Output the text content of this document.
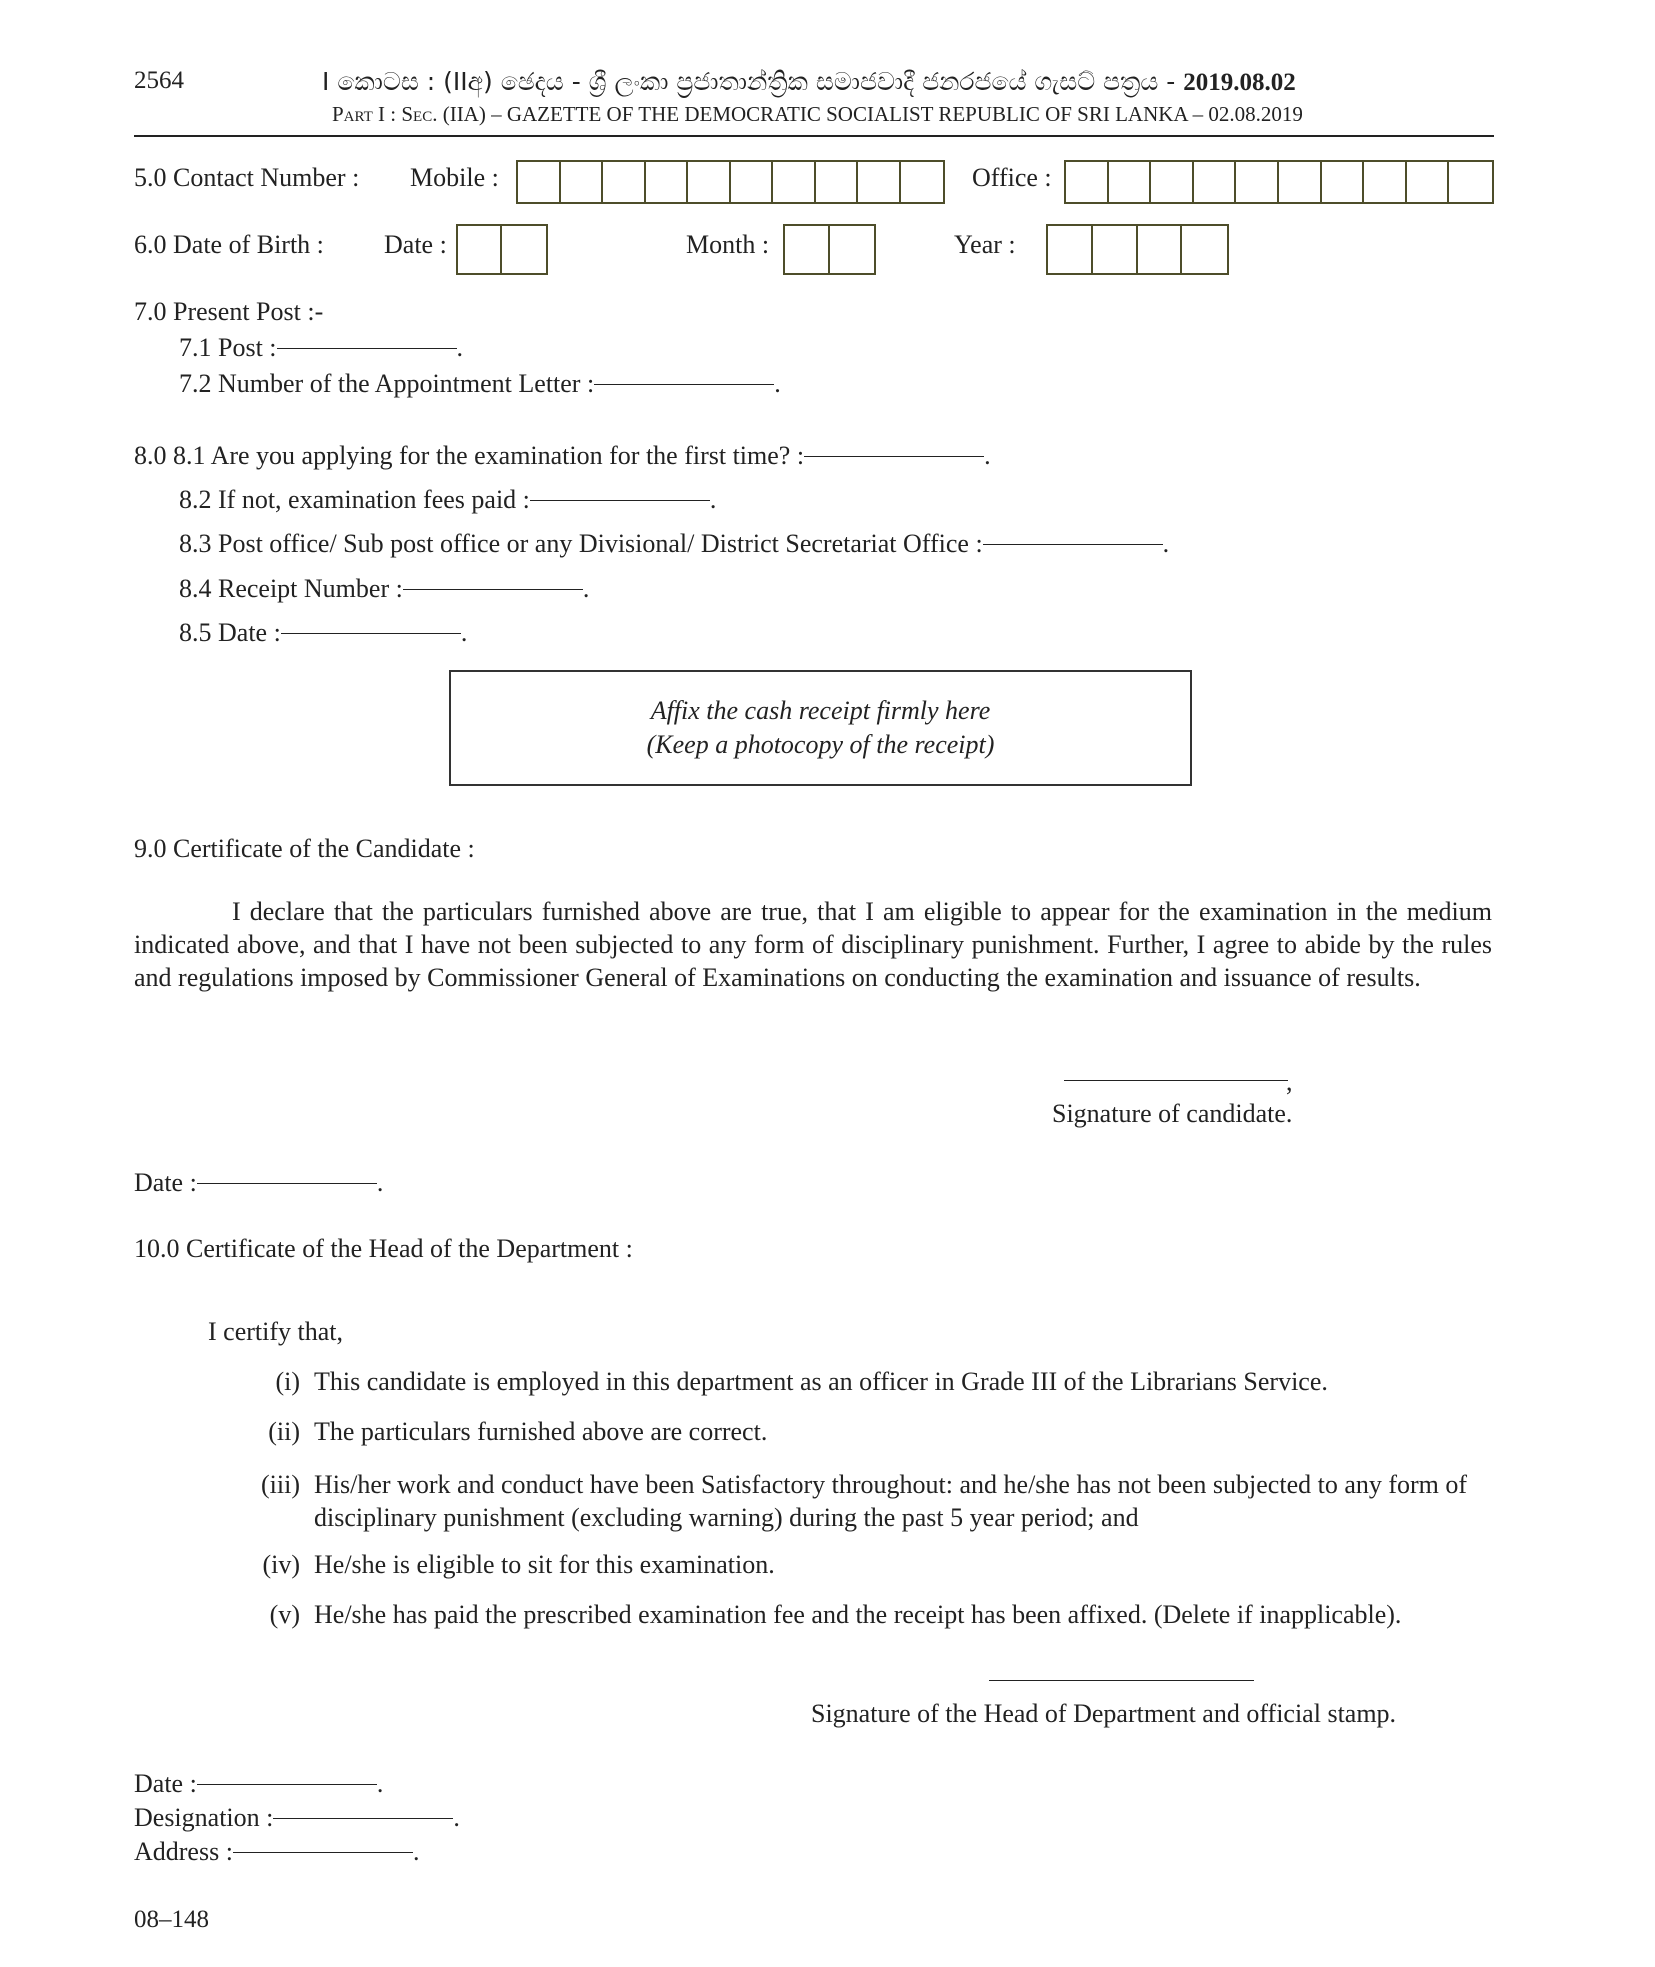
2564	I කොටස : (IIඅ) ඡෙදය - ශ්‍රී ලංකා ප්‍රජාතාන්ත්‍රික සමාජවාදී ජනරජයේ ගැසට් පත්‍රය - 2019.08.02
Part I : Sec. (IIA) – GAZETTE OF THE DEMOCRATIC SOCIALIST REPUBLIC OF SRI LANKA – 02.08.2019
5.0 Contact Number : Mobile :	Office :
6.0 Date of Birth : Date :	Month :	Year :
7.0 Present Post :-
7.1 Post :	.
7.2 Number of the Appointment Letter :	.
8.0 8.1 Are you applying for the examination for the first time? :	.
8.2 If not, examination fees paid :	.
8.3 Post office/ Sub post office or any Divisional/ District Secretariat Office :	.
8.4 Receipt Number :	.
8.5 Date :	.
Affix the cash receipt firmly here
(Keep a photocopy of the receipt)
9.0 Certificate of the Candidate :
I declare that the particulars furnished above are true, that I am eligible to appear for the examination in the medium indicated above, and that I have not been subjected to any form of disciplinary punishment. Further, I agree to abide by the rules and regulations imposed by Commissioner General of Examinations on conducting the examination and issuance of results.
,
Signature of candidate.
Date :	.
10.0 Certificate of the Head of the Department :
I certify that,
(i) This candidate is employed in this department as an officer in Grade III of the Librarians Service.
(ii) The particulars furnished above are correct.
(iii) His/her work and conduct have been Satisfactory throughout: and he/she has not been subjected to any form of disciplinary punishment (excluding warning) during the past 5 year period; and
(iv) He/she is eligible to sit for this examination.
(v) He/she has paid the prescribed examination fee and the receipt has been affixed. (Delete if inapplicable).
Signature of the Head of Department and official stamp.
Date :	.
Designation :	.
Address :	.
08–148
